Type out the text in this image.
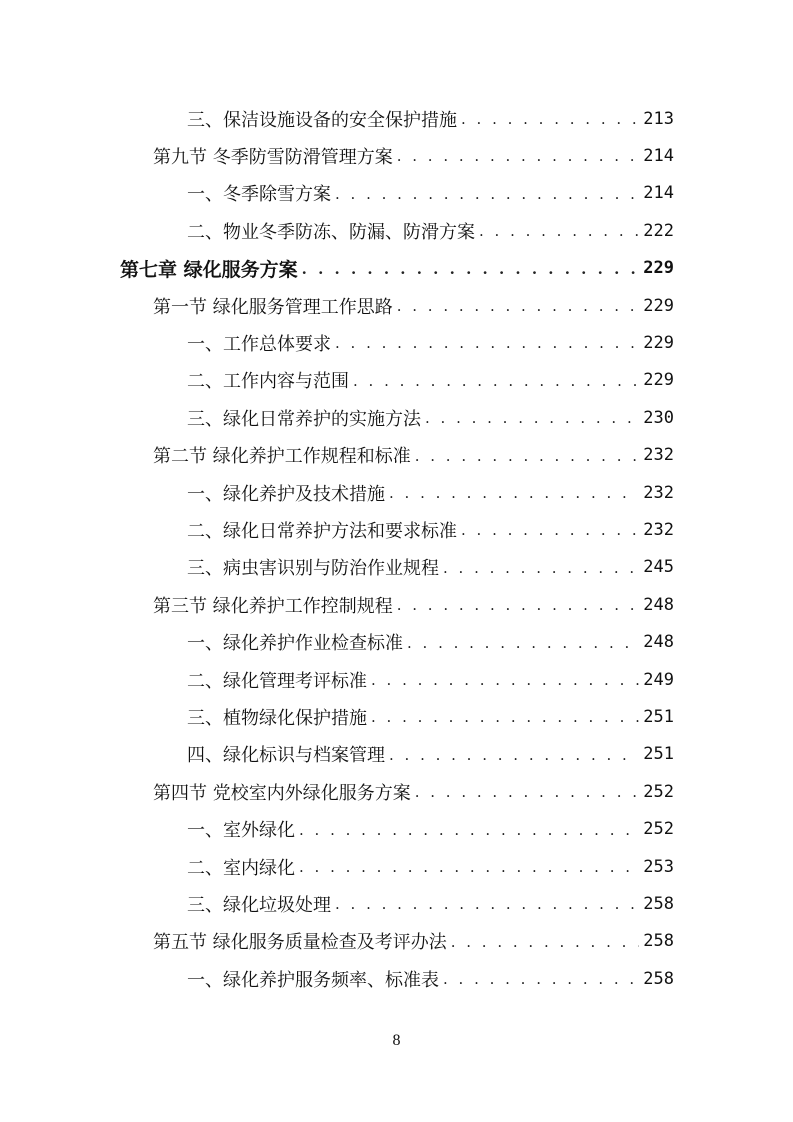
三、保洁设施设备的安全保护措施 . . .	213
第九节 冬季防雪防滑管理方案 . . .	214
一、冬季除雪方案 . . .	214
二、物业冬季防冻、防漏、防滑方案 . . .	222
第七章 绿化服务方案 . . .	229
第一节 绿化服务管理工作思路 . . .	229
一、工作总体要求 . . .	229
二、工作内容与范围 . . .	229
三、绿化日常养护的实施方法 . . .	230
第二节 绿化养护工作规程和标准 . . .	232
一、绿化养护及技术措施 . . .	232
二、绿化日常养护方法和要求标准 . . .	232
三、病虫害识别与防治作业规程 . . .	245
第三节 绿化养护工作控制规程 . . .	248
一、绿化养护作业检查标准 . . .	248
二、绿化管理考评标准 . . .	249
三、植物绿化保护措施 . . .	251
四、绿化标识与档案管理 . . .	251
第四节 党校室内外绿化服务方案 . . .	252
一、室外绿化 . . .	252
二、室内绿化 . . .	253
三、绿化垃圾处理 . . .	258
第五节 绿化服务质量检查及考评办法 . . .	258
一、绿化养护服务频率、标准表 . . .	258
8
